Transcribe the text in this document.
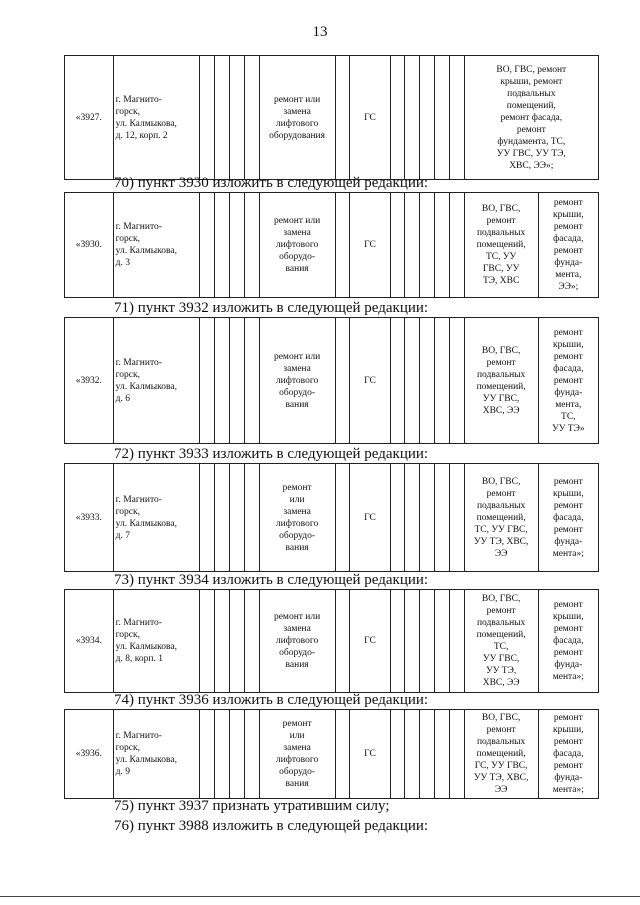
13
«3927.	г. Магнито-
горск,
ул. Калмыкова,
д. 12, корп. 2					ремонт или
замена
лифтового
оборудования		ГС						ВО, ГВС, ремонт
крыши, ремонт
подвальных
помещений,
ремонт фасада,
ремонт
фундамента, ТС,
УУ ГВС, УУ ТЭ,
ХВС, ЭЭ»;
70) пункт 3930 изложить в следующей редакции:
«3930.	г. Магнито-
горск,
ул. Калмыкова,
д. 3					ремонт или
замена
лифтового
оборудо-
вания		ГС						ВО, ГВС,
ремонт
подвальных
помещений,
ТС, УУ
ГВС, УУ
ТЭ, ХВС	ремонт
крыши,
ремонт
фасада,
ремонт
фунда-
мента,
ЭЭ»;
71) пункт 3932 изложить в следующей редакции:
«3932.	г. Магнито-
горск,
ул. Калмыкова,
д. 6					ремонт или
замена
лифтового
оборудо-
вания		ГС						ВО, ГВС,
ремонт
подвальных
помещений,
УУ ГВС,
ХВС, ЭЭ	ремонт
крыши,
ремонт
фасада,
ремонт
фунда-
мента,
ТС,
УУ ТЭ»
72) пункт 3933 изложить в следующей редакции:
«3933.	г. Магнито-
горск,
ул. Калмыкова,
д. 7					ремонт
или
замена
лифтового
оборудо-
вания		ГС						ВО, ГВС,
ремонт
подвальных
помещений,
ТС, УУ ГВС,
УУ ТЭ, ХВС,
ЭЭ	ремонт
крыши,
ремонт
фасада,
ремонт
фунда-
мента»;
73) пункт 3934 изложить в следующей редакции:
«3934.	г. Магнито-
горск,
ул. Калмыкова,
д. 8, корп. 1					ремонт или
замена
лифтового
оборудо-
вания		ГС						ВО, ГВС,
ремонт
подвальных
помещений,
ТС,
УУ ГВС,
УУ ТЭ,
ХВС, ЭЭ	ремонт
крыши,
ремонт
фасада,
ремонт
фунда-
мента»;
74) пункт 3936 изложить в следующей редакции:
«3936.	г. Магнито-
горск,
ул. Калмыкова,
д. 9					ремонт
или
замена
лифтового
оборудо-
вания		ГС						ВО, ГВС,
ремонт
подвальных
помещений,
ГС, УУ ГВС,
УУ ТЭ, ХВС,
ЭЭ	ремонт
крыши,
ремонт
фасада,
ремонт
фунда-
мента»;
75) пункт 3937 признать утратившим силу;
76) пункт 3988 изложить в следующей редакции:
